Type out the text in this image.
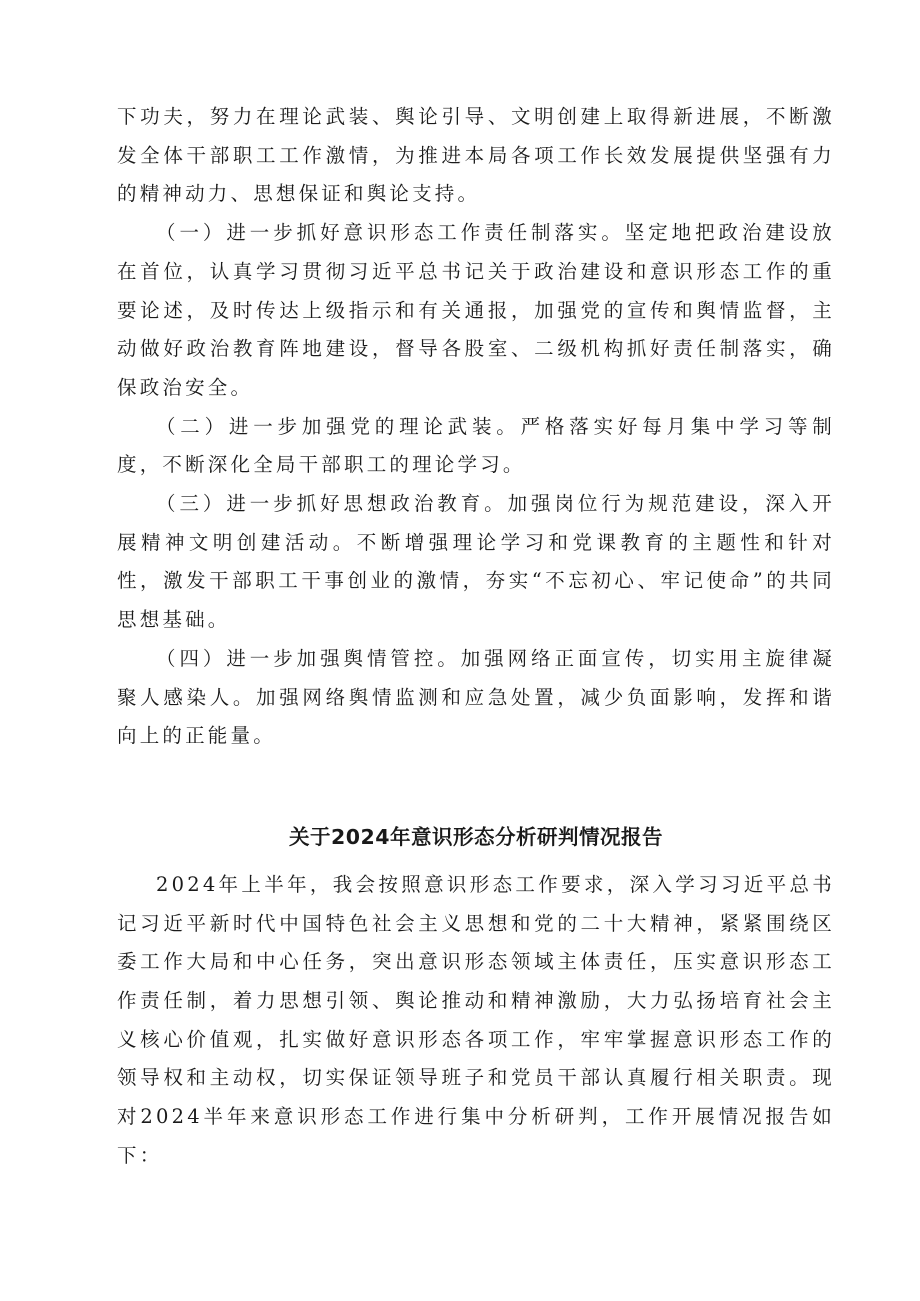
下功夫，努力在理论武装、舆论引导、文明创建上取得新进展，不断激发全体干部职工工作激情，为推进本局各项工作长效发展提供坚强有力的精神动力、思想保证和舆论支持。

（一）进一步抓好意识形态工作责任制落实。坚定地把政治建设放在首位，认真学习贯彻习近平总书记关于政治建设和意识形态工作的重要论述，及时传达上级指示和有关通报，加强党的宣传和舆情监督，主动做好政治教育阵地建设，督导各股室、二级机构抓好责任制落实，确保政治安全。

（二）进一步加强党的理论武装。严格落实好每月集中学习等制度，不断深化全局干部职工的理论学习。

（三）进一步抓好思想政治教育。加强岗位行为规范建设，深入开展精神文明创建活动。不断增强理论学习和党课教育的主题性和针对性，激发干部职工干事创业的激情，夯实“不忘初心、牢记使命”的共同思想基础。

（四）进一步加强舆情管控。加强网络正面宣传，切实用主旋律凝聚人感染人。加强网络舆情监测和应急处置，减少负面影响，发挥和谐向上的正能量。

关于2024年意识形态分析研判情况报告

2024年上半年，我会按照意识形态工作要求，深入学习习近平总书记习近平新时代中国特色社会主义思想和党的二十大精神，紧紧围绕区委工作大局和中心任务，突出意识形态领域主体责任，压实意识形态工作责任制，着力思想引领、舆论推动和精神激励，大力弘扬培育社会主义核心价值观，扎实做好意识形态各项工作，牢牢掌握意识形态工作的领导权和主动权，切实保证领导班子和党员干部认真履行相关职责。现对2024半年来意识形态工作进行集中分析研判，工作开展情况报告如下：
